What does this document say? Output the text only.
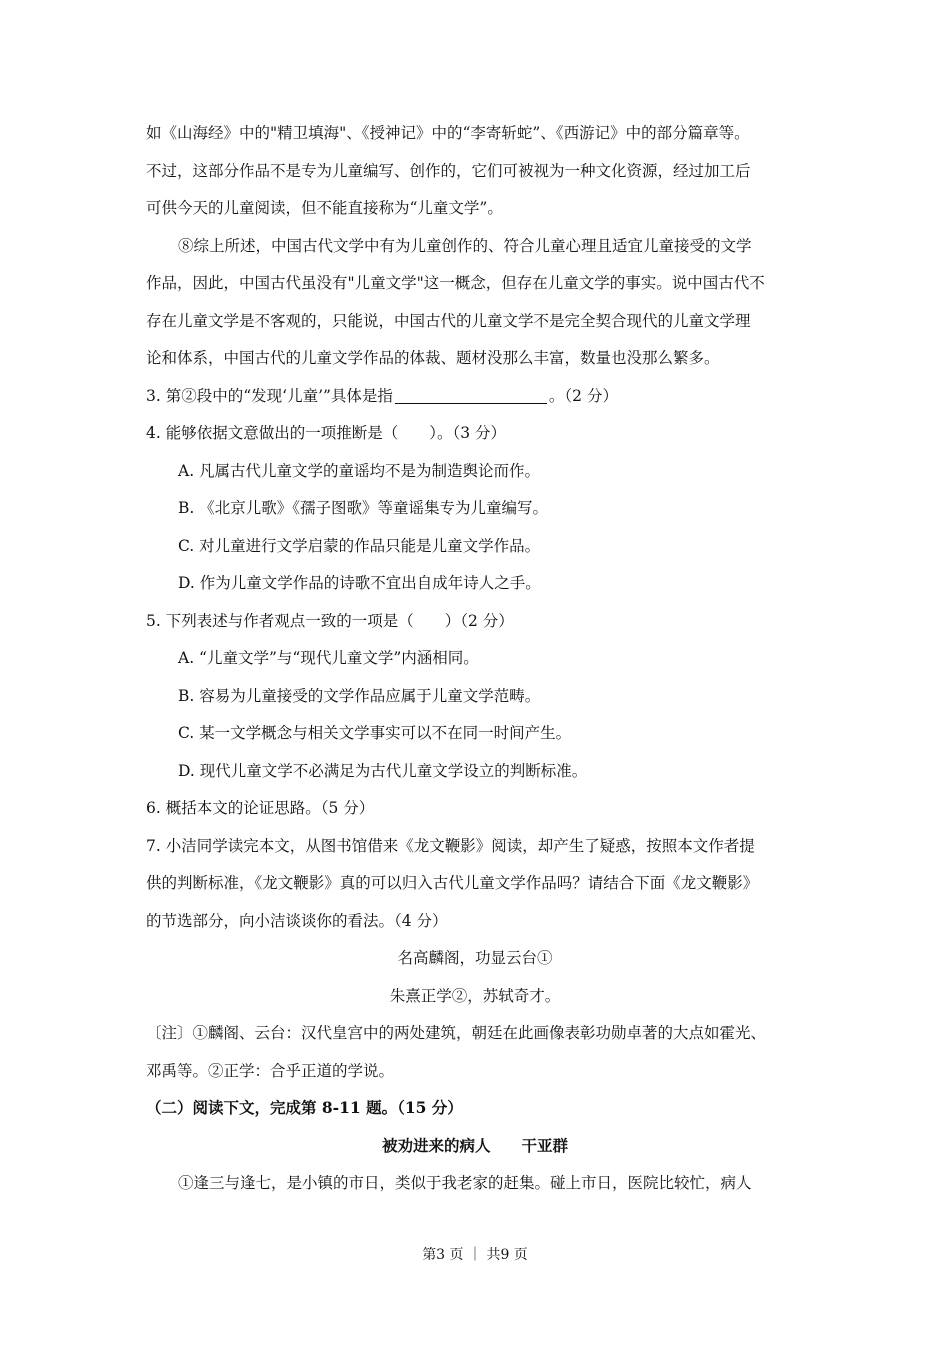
如《山海经》中的"精卫填海"、《授神记》中的“李寄斩蛇”、《西游记》中的部分篇章等。
不过，这部分作品不是专为儿童编写、创作的，它们可被视为一种文化资源，经过加工后
可供今天的儿童阅读，但不能直接称为“儿童文学”。
⑧综上所述，中国古代文学中有为儿童创作的、符合儿童心理且适宜儿童接受的文学
作品，因此，中国古代虽没有"儿童文学"这一概念，但存在儿童文学的事实。说中国古代不
存在儿童文学是不客观的，只能说，中国古代的儿童文学不是完全契合现代的儿童文学理
论和体系，中国古代的儿童文学作品的体裁、题材没那么丰富，数量也没那么繁多。
3. 第②段中的“发现‘儿童’”具体是指	。（2 分）
4. 能够依据文意做出的一项推断是（　　）。（3 分）
A. 凡属古代儿童文学的童谣均不是为制造舆论而作。
B. 《北京儿歌》《孺子图歌》等童谣集专为儿童编写。
C. 对儿童进行文学启蒙的作品只能是儿童文学作品。
D. 作为儿童文学作品的诗歌不宜出自成年诗人之手。
5. 下列表述与作者观点一致的一项是（　　）（2 分）
A. “儿童文学”与“现代儿童文学”内涵相同。
B. 容易为儿童接受的文学作品应属于儿童文学范畴。
C. 某一文学概念与相关文学事实可以不在同一时间产生。
D. 现代儿童文学不必满足为古代儿童文学设立的判断标准。
6. 概括本文的论证思路。（5 分）
7. 小洁同学读完本文，从图书馆借来《龙文鞭影》阅读，却产生了疑惑，按照本文作者提
供的判断标准，《龙文鞭影》真的可以归入古代儿童文学作品吗？请结合下面《龙文鞭影》
的节选部分，向小洁谈谈你的看法。（4 分）
名高麟阁，功显云台①
朱熹正学②，苏轼奇才。
〔注〕①麟阁、云台：汉代皇宫中的两处建筑，朝廷在此画像表彰功勋卓著的大点如霍光、
邓禹等。②正学：合乎正道的学说。
（二）阅读下文，完成第 8-11 题。（15 分）
被劝进来的病人　　干亚群
①逢三与逢七，是小镇的市日，类似于我老家的赶集。碰上市日，医院比较忙，病人
第3 页 ｜ 共9 页
